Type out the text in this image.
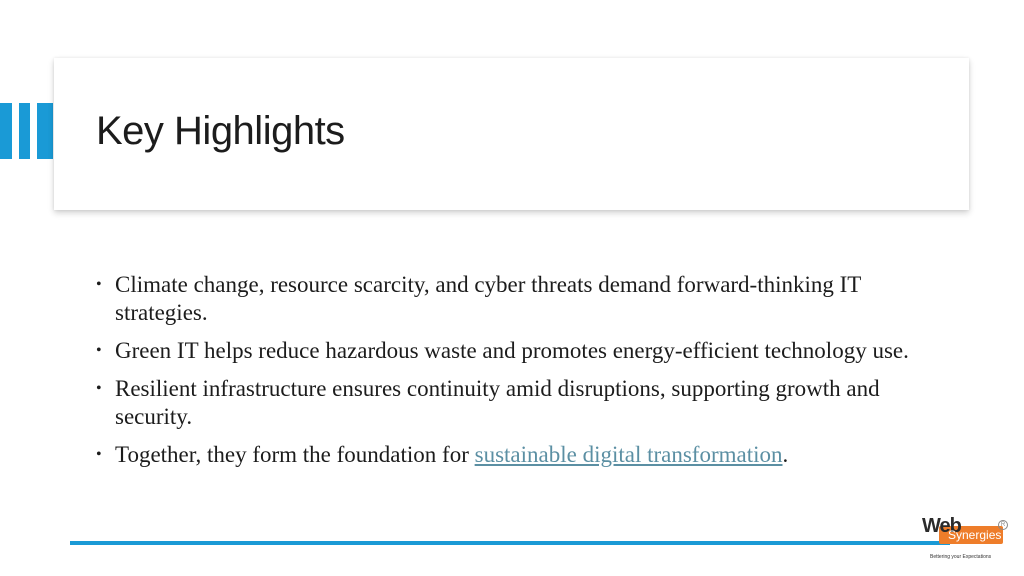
Key Highlights
• Climate change, resource scarcity, and cyber threats demand forward-thinking IT strategies.
• Green IT helps reduce hazardous waste and promotes energy-efficient technology use.
• Resilient infrastructure ensures continuity amid disruptions, supporting growth and security.
• Together, they form the foundation for sustainable digital transformation.
Web
Synergies
R
Bettering your Expectations
